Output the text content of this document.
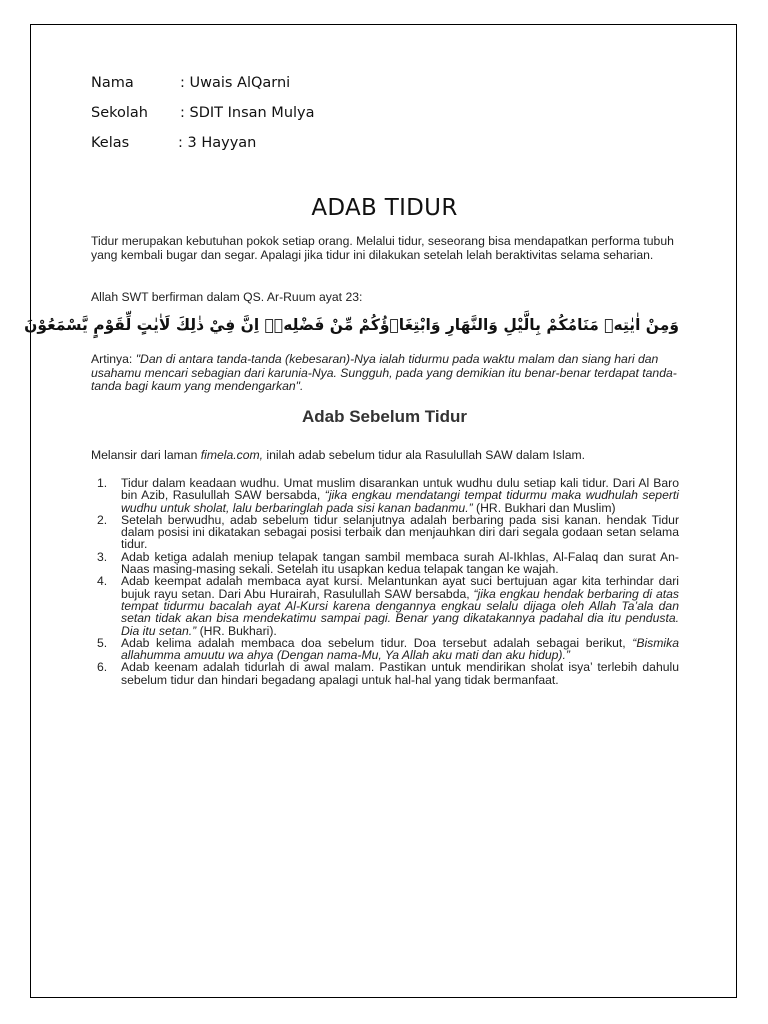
Nama	: Uwais AlQarni
Sekolah : SDIT Insan Mulya
Kelas	: 3 Hayyan
ADAB TIDUR

Tidur merupakan kebutuhan pokok setiap orang. Melalui tidur, seseorang bisa mendapatkan performa tubuh yang kembali bugar dan segar. Apalagi jika tidur ini dilakukan setelah lelah beraktivitas selama seharian.

Allah SWT berfirman dalam QS. Ar-Ruum ayat 23:

وَمِنْ اٰيٰتِهٖ مَنَامُكُمْ بِالَّيْلِ وَالنَّهَارِ وَابْتِغَاۤؤُكُمْ مِّنْ فَضْلِهٖۗ اِنَّ فِيْ ذٰلِكَ لَاٰيٰتٍ لِّقَوْمٍ يَّسْمَعُوْنَ

Artinya: "Dan di antara tanda-tanda (kebesaran)-Nya ialah tidurmu pada waktu malam dan siang hari dan usahamu mencari sebagian dari karunia-Nya. Sungguh, pada yang demikian itu benar-benar terdapat tanda-tanda bagi kaum yang mendengarkan".

Adab Sebelum Tidur

Melansir dari laman fimela.com, inilah adab sebelum tidur ala Rasulullah SAW dalam Islam.

1. Tidur dalam keadaan wudhu. Umat muslim disarankan untuk wudhu dulu setiap kali tidur. Dari Al Baro bin Azib, Rasulullah SAW bersabda, “jika engkau mendatangi tempat tidurmu maka wudhulah seperti wudhu untuk sholat, lalu berbaringlah pada sisi kanan badanmu.” (HR. Bukhari dan Muslim)
2. Setelah berwudhu, adab sebelum tidur selanjutnya adalah berbaring pada sisi kanan. hendak Tidur dalam posisi ini dikatakan sebagai posisi terbaik dan menjauhkan diri dari segala godaan setan selama tidur.
3. Adab ketiga adalah meniup telapak tangan sambil membaca surah Al-Ikhlas, Al-Falaq dan surat An-Naas masing-masing sekali. Setelah itu usapkan kedua telapak tangan ke wajah.
4. Adab keempat adalah membaca ayat kursi. Melantunkan ayat suci bertujuan agar kita terhindar dari bujuk rayu setan. Dari Abu Hurairah, Rasulullah SAW bersabda, “jika engkau hendak berbaring di atas tempat tidurmu bacalah ayat Al-Kursi karena dengannya engkau selalu dijaga oleh Allah Ta’ala dan setan tidak akan bisa mendekatimu sampai pagi. Benar yang dikatakannya padahal dia itu pendusta. Dia itu setan.” (HR. Bukhari).
5. Adab kelima adalah membaca doa sebelum tidur. Doa tersebut adalah sebagai berikut, “Bismika allahumma amuutu wa ahya (Dengan nama-Mu, Ya Allah aku mati dan aku hidup).”
6. Adab keenam adalah tidurlah di awal malam. Pastikan untuk mendirikan sholat isya’ terlebih dahulu sebelum tidur dan hindari begadang apalagi untuk hal-hal yang tidak bermanfaat.
